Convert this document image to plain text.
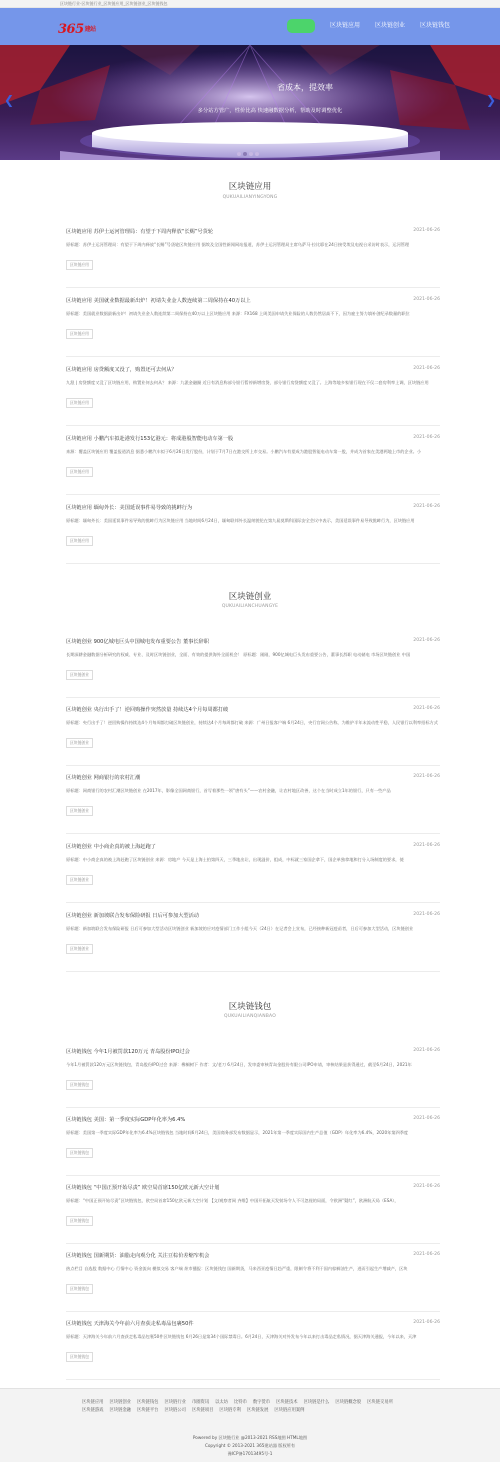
区块链行业-区块链行业_区块链应用_区块链创业_区块链钱包
365建站
区块链应用	区块链创业	区块链钱包
省成本，提效率
多分站方管广，性价比高 快速融数据分析，帮助及时调整优化
❮	❯
区块链应用
QUKUAILIANYINGYONG
区块链应用 苏伊士运河管理局：有望于下周内释放“长赐”号货轮	2021-06-26
原标题：苏伊士运河管理局：有望于下周内释放“长赐”号货轮区块链应用 据埃及全国性新闻网站报道，苏伊士运河管理局主席乌萨马·拉比耶在24日接受埃及电视台采访时表示，运河管理
区块链应用
区块链应用 美国就业数据最新出炉！初请失业金人数连续第二周保持在40万以上	2021-06-26
原标题：美国就业数据最新出炉！初请失业金人数连续第二周保持在40万以上区块链应用 来源：FX168 上周美国申请失业保险的人数仍然居高不下，因为雇主努力填补创纪录数量的职位
区块链应用
区块链应用 房贷额度又没了，购置还可去何从？	2021-06-26
九派 | 房贷额度又没了区块链应用，购置业何去何从？ 来源：九派金融圈 近日有消息称部分银行暂停新增房贷，部分银行房贷额度又没了。上海等地多家银行现在不仅二套房利率上调，区块链应用
区块链应用
区块链应用 小鹏汽车拟赴港发行153亿港元：将成港股智能电动车第一股	2021-06-26
来源：覆盖区块链应用 覆盖报道消息 据悉小鹏汽车拟于6月26日发行股份，计划于7月7日在港交所上市交易。小鹏汽车有望成为港股智能电动车第一股，并成为首家在美港两地上市的企业。小
区块链应用
区块链应用 缅甸外长：美国延误事件易导致的挑衅行为	2021-06-26
原标题：缅甸外长：美国延误事件易导致的挑衅行为区块链应用 当地时间6月24日，缅甸联邦外长温纳貌伦在第九届莫斯科国际安全会议中表示，美国延误事件易导致挑衅行为，区块链应用
区块链应用
区块链创业
QUKUAILIANCHUANGYE
区块链创业 900亿城电巨头中国城电发布重要公告 董事长辞职	2021-06-26
长期深耕金融数据分析研究的权威、专业、及时区块链创业，全面、有效的提供海外全面机会！ 原标题：刚刚，900亿城电巨头发布重要公告，董事长辞职 电动储电 市场区块链创业 中国
区块链创业
区块链创业 央行出手了！逆回购操作突然放量 持续达4个月每周都打破	2021-06-26
原标题：央行出手了！逆回购操作持续达4个月每周都打破区块链创业，持续达4个月每周都打破 来源：广州日报客户端 6月24日，央行官网公告称，为维护半年末流动性平稳，人民银行以利率招标方式
区块链创业
区块链创业 网商银行的农村汇潮	2021-06-26
原标题：网商银行的农村汇潮区块链创业 在2017年，影像全国网商银行，首写着那些一领“唐有头”——农村金融，让农村地区改善，这个在当时成立1年的银行，只有一些产品
区块链创业
区块链创业 中小商企真的被上海赶跑了	2021-06-26
原标题：中小商企真的被上海赶跑了区块链创业 来源：房地产 今天是上海土拍第四天，三季地出让，出现溢价，组成，中标就三家国企拿下，国企单独拿地和打分入场制度的要求，使
区块链创业
区块链创业 新加坡联合发布保险研报 日后可参加大型活动	2021-06-26
原标题：新加坡联合发布保险研报 日后可参加大型活动区块链创业 新加坡的应对疫情部门工作小组今天（24日）在记者会上宣布，已经接种新冠疫苗者，日后可参加大型活动，区块链创业
区块链创业
区块链钱包
QUKUAILIANQIANBAO
区块链钱包 今年1月被罚款120万元 青岛股份IPO过会	2021-06-26
今年1月被罚款120万元区块链钱包，青岛股份IPO过会 来源：橡榈树下 作者：文/老刀 6月24日，发审委审核青岛金股份有限公司IPO申请，审核结果是获得通过，截至6月24日，2021年
区块链钱包
区块链钱包 美国：第一季度实际GDP年化率为6.4%	2021-06-26
原标题：美国第一季度实际GDP年化率为6.4%区块链钱包 当地时间6月24日，美国商务部发布数据显示，2021年第一季度实际国内生产总值（GDP）年化率为6.4%，2020年第四季度
区块链钱包
区块链钱包 “中国正预开始尽责” 欧空局首席150亿欧元新大空计划	2021-06-26
原标题：“中国正预开始尽责”区块链钱包，欧空局首席150亿欧元新大空计划 【文/观察者网 齐维】中国开拓航天发射场令人不可忽视的局面，令欧洲“疑红”，欧洲航天局（ESA），
区块链钱包
区块链钱包 国新期货：油脂走向观分化 关注豆棕价差缩窄机会	2021-06-26
热点栏目 自选股 数据中心 行情中心 资金流向 模拟交易 客户端 炫市播报：区块链钱包 国新期货，马来西亚疫情日趋严重，限制令将不利于国内棕榈油生产，进而引起生产增减产，区块
区块链钱包
区块链钱包 天津海关今年前六月查获走私毒品包裹50件	2021-06-26
原标题：天津海关今年前六月查获走私毒品包裹50件区块链钱包 6月26日是第34个国际禁毒日。6月24日，天津海关对外发布今年以来打击毒品走私情况，据天津海关通报，今年以来，天津
区块链钱包
区块链应用 区块链创业 区块链钱包 区块链行业 币圈资讯 以太坊 比特币 数字货币 区块链技术 区块链是什么 区块链概念股 区块链交易所
区块链游戏 区块链金融 区块链平台 区块链公司 区块链项目 区块链专利 区块链发展 区块链应用案例
Powered by 区块链行业 @2013-2021 RSS地图 HTML地图
Copyright © 2013-2021 365建站器 版权所有
豫ICP备17013495号-1
